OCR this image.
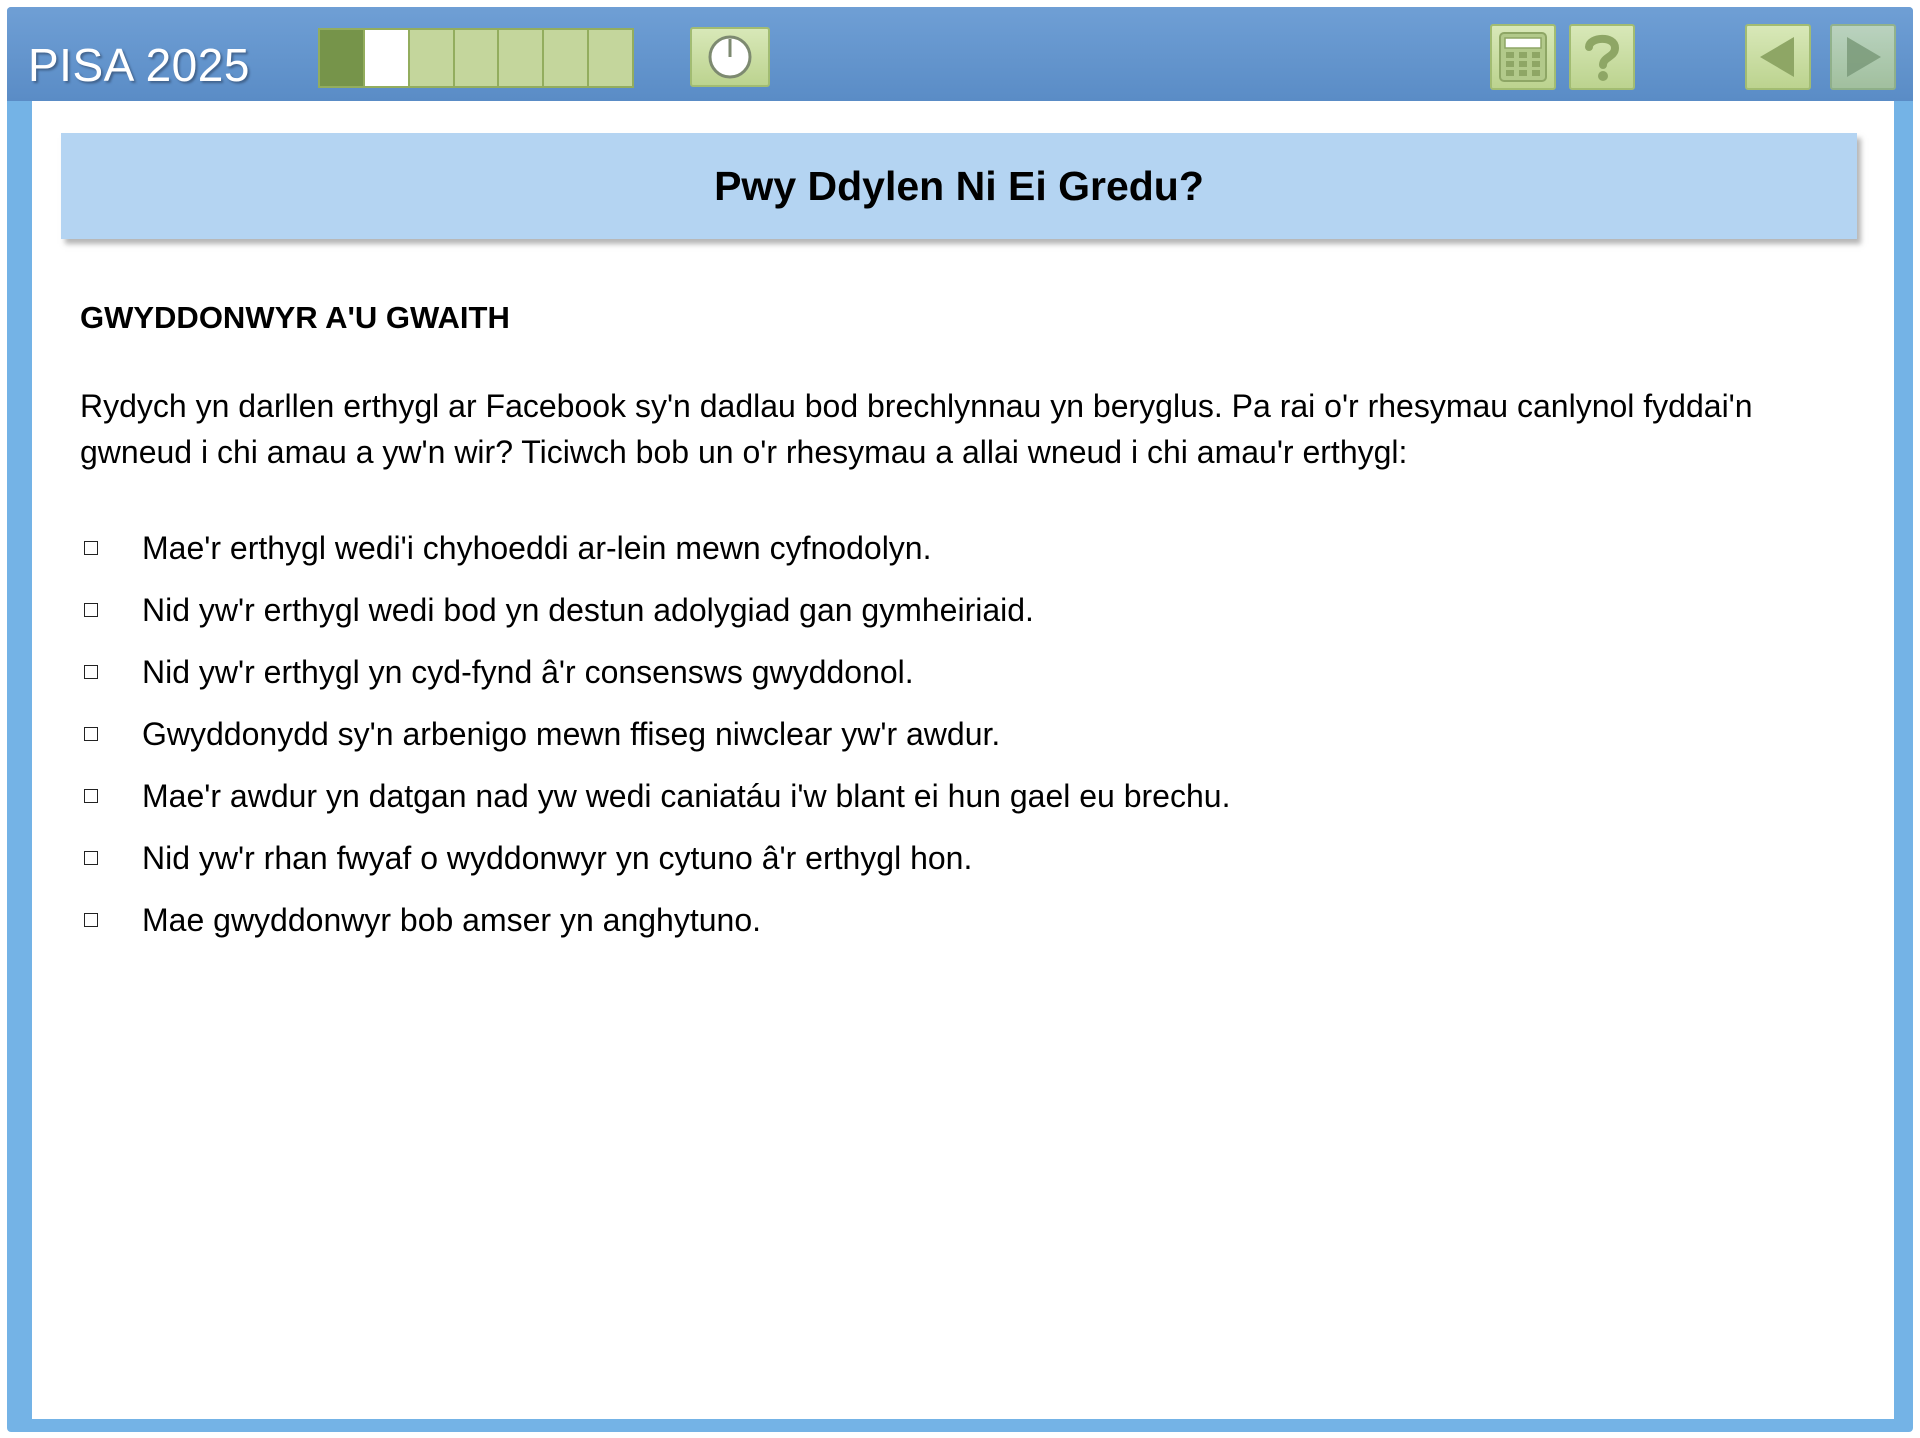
PISA 2025
Pwy Ddylen Ni Ei Gredu?
GWYDDONWYR A'U GWAITH
Rydych yn darllen erthygl ar Facebook sy'n dadlau bod brechlynnau yn beryglus. Pa rai o'r rhesymau canlynol fyddai'n gwneud i chi amau a yw'n wir? Ticiwch bob un o'r rhesymau a allai wneud i chi amau'r erthygl:
Mae'r erthygl wedi'i chyhoeddi ar-lein mewn cyfnodolyn.
Nid yw'r erthygl wedi bod yn destun adolygiad gan gymheiriaid.
Nid yw'r erthygl yn cyd-fynd â'r consensws gwyddonol.
Gwyddonydd sy'n arbenigo mewn ffiseg niwclear yw'r awdur.
Mae'r awdur yn datgan nad yw wedi caniatáu i'w blant ei hun gael eu brechu.
Nid yw'r rhan fwyaf o wyddonwyr yn cytuno â'r erthygl hon.
Mae gwyddonwyr bob amser yn anghytuno.
